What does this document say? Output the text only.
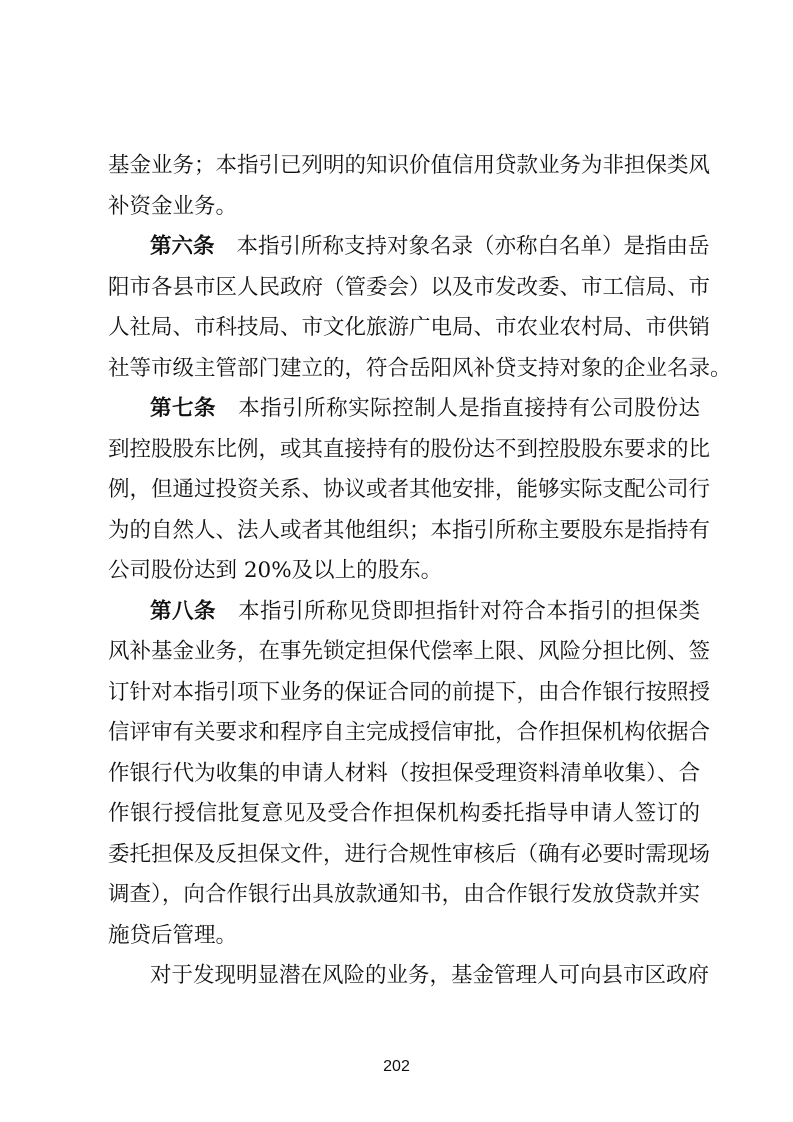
基金业务；本指引已列明的知识价值信用贷款业务为非担保类风
补资金业务。
第六条 本指引所称支持对象名录（亦称白名单）是指由岳
阳市各县市区人民政府（管委会）以及市发改委、市工信局、市
人社局、市科技局、市文化旅游广电局、市农业农村局、市供销
社等市级主管部门建立的，符合岳阳风补贷支持对象的企业名录。
第七条 本指引所称实际控制人是指直接持有公司股份达
到控股股东比例，或其直接持有的股份达不到控股股东要求的比
例，但通过投资关系、协议或者其他安排，能够实际支配公司行
为的自然人、法人或者其他组织；本指引所称主要股东是指持有
公司股份达到 20%及以上的股东。
第八条 本指引所称见贷即担指针对符合本指引的担保类
风补基金业务，在事先锁定担保代偿率上限、风险分担比例、签
订针对本指引项下业务的保证合同的前提下，由合作银行按照授
信评审有关要求和程序自主完成授信审批，合作担保机构依据合
作银行代为收集的申请人材料（按担保受理资料清单收集）、合
作银行授信批复意见及受合作担保机构委托指导申请人签订的
委托担保及反担保文件，进行合规性审核后（确有必要时需现场
调查），向合作银行出具放款通知书，由合作银行发放贷款并实
施贷后管理。
对于发现明显潜在风险的业务，基金管理人可向县市区政府
202
